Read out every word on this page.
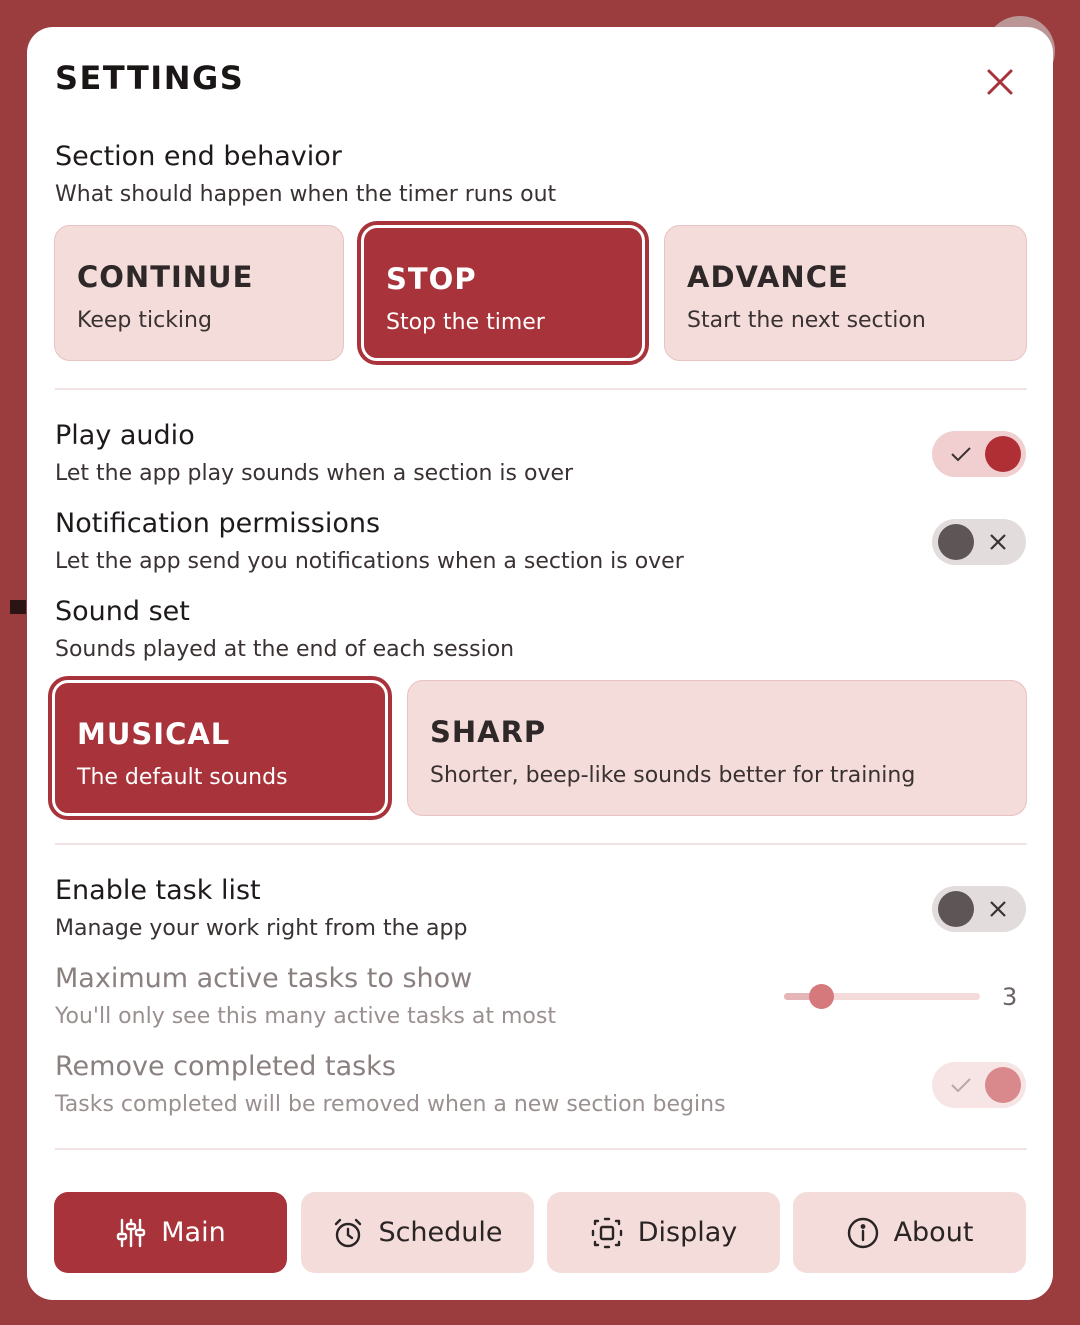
SETTINGS
Section end behavior
What should happen when the timer runs out
CONTINUE
Keep ticking
STOP
Stop the timer
ADVANCE
Start the next section
Play audio
Let the app play sounds when a section is over
Notification permissions
Let the app send you notifications when a section is over
Sound set
Sounds played at the end of each session
MUSICAL
The default sounds
SHARP
Shorter, beep-like sounds better for training
Enable task list
Manage your work right from the app
Maximum active tasks to show
You'll only see this many active tasks at most
3
Remove completed tasks
Tasks completed will be removed when a new section begins
Main	Schedule	Display	About
